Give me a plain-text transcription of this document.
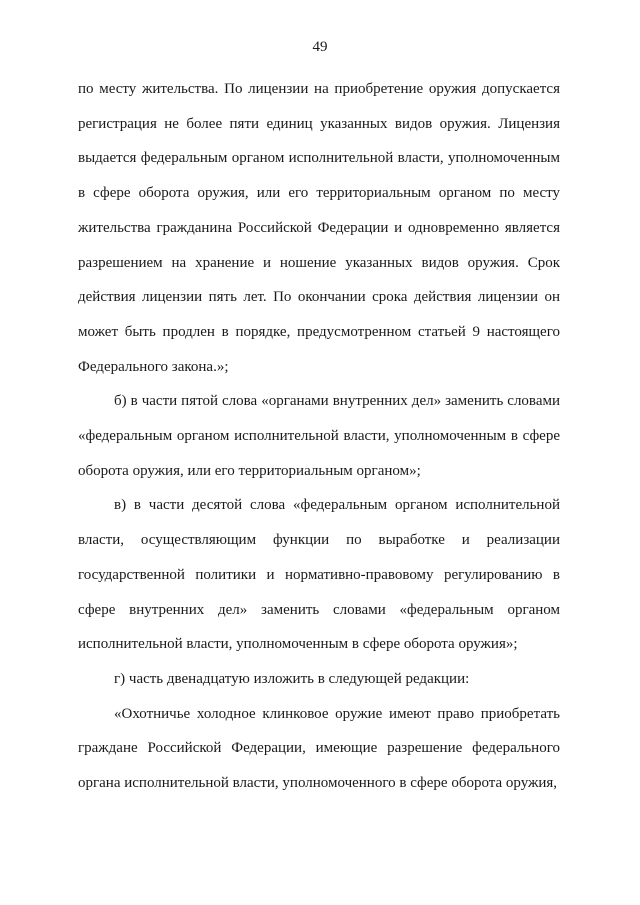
49

по месту жительства. По лицензии на приобретение оружия допускается регистрация не более пяти единиц указанных видов оружия. Лицензия выдается федеральным органом исполнительной власти, уполномоченным в сфере оборота оружия, или его территориальным органом по месту жительства гражданина Российской Федерации и одновременно является разрешением на хранение и ношение указанных видов оружия. Срок действия лицензии пять лет. По окончании срока действия лицензии он может быть продлен в порядке, предусмотренном статьей 9 настоящего Федерального закона.»;

б) в части пятой слова «органами внутренних дел» заменить словами «федеральным органом исполнительной власти, уполномоченным в сфере оборота оружия, или его территориальным органом»;

в) в части десятой слова «федеральным органом исполнительной власти, осуществляющим функции по выработке и реализации государственной политики и нормативно-правовому регулированию в сфере внутренних дел» заменить словами «федеральным органом исполнительной власти, уполномоченным в сфере оборота оружия»;

г) часть двенадцатую изложить в следующей редакции:

«Охотничье холодное клинковое оружие имеют право приобретать граждане Российской Федерации, имеющие разрешение федерального органа исполнительной власти, уполномоченного в сфере оборота оружия,
